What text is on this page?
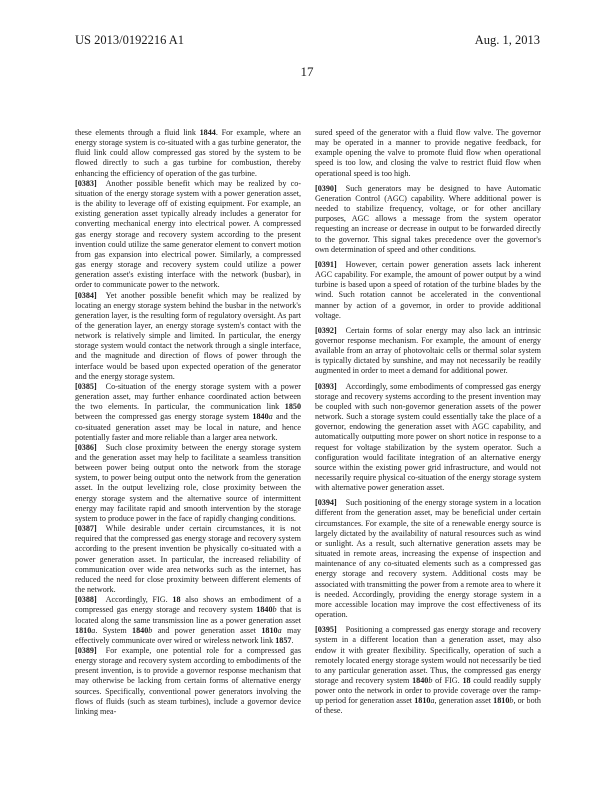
US 2013/0192216 A1	Aug. 1, 2013
17

these elements through a fluid link 1844. For example, where an energy storage system is co-situated with a gas turbine generator, the fluid link could allow compressed gas stored by the system to be flowed directly to such a gas turbine for combustion, thereby enhancing the efficiency of operation of the gas turbine.

[0383] Another possible benefit which may be realized by co-situation of the energy storage system with a power generation asset, is the ability to leverage off of existing equipment. For example, an existing generation asset typically already includes a generator for converting mechanical energy into electrical power. A compressed gas energy storage and recovery system according to the present invention could utilize the same generator element to convert motion from gas expansion into electrical power. Similarly, a compressed gas energy storage and recovery system could utilize a power generation asset's existing interface with the network (busbar), in order to communicate power to the network.

[0384] Yet another possible benefit which may be realized by locating an energy storage system behind the busbar in the network's generation layer, is the resulting form of regulatory oversight. As part of the generation layer, an energy storage system's contact with the network is relatively simple and limited. In particular, the energy storage system would contact the network through a single interface, and the magnitude and direction of flows of power through the interface would be based upon expected operation of the generator and the energy storage system.

[0385] Co-situation of the energy storage system with a power generation asset, may further enhance coordinated action between the two elements. In particular, the communication link 1850 between the compressed gas energy storage system 1840a and the co-situated generation asset may be local in nature, and hence potentially faster and more reliable than a larger area network.

[0386] Such close proximity between the energy storage system and the generation asset may help to facilitate a seamless transition between power being output onto the network from the storage system, to power being output onto the network from the generation asset. In the output levelizing role, close proximity between the energy storage system and the alternative source of intermittent energy may facilitate rapid and smooth intervention by the storage system to produce power in the face of rapidly changing conditions.

[0387] While desirable under certain circumstances, it is not required that the compressed gas energy storage and recovery system according to the present invention be physically co-situated with a power generation asset. In particular, the increased reliability of communication over wide area networks such as the internet, has reduced the need for close proximity between different elements of the network.

[0388] Accordingly, FIG. 18 also shows an embodiment of a compressed gas energy storage and recovery system 1840b that is located along the same transmission line as a power generation asset 1810a. System 1840b and power generation asset 1810a may effectively communicate over wired or wireless network link 1857.

[0389] For example, one potential role for a compressed gas energy storage and recovery system according to embodiments of the present invention, is to provide a governor response mechanism that may otherwise be lacking from certain forms of alternative energy sources. Specifically, conventional power generators involving the flows of fluids (such as steam turbines), include a governor device linking mea-

sured speed of the generator with a fluid flow valve. The governor may be operated in a manner to provide negative feedback, for example opening the valve to promote fluid flow when operational speed is too low, and closing the valve to restrict fluid flow when operational speed is too high.

[0390] Such generators may be designed to have Automatic Generation Control (AGC) capability. Where additional power is needed to stabilize frequency, voltage, or for other ancillary purposes, AGC allows a message from the system operator requesting an increase or decrease in output to be forwarded directly to the governor. This signal takes precedence over the governor's own determination of speed and other conditions.

[0391] However, certain power generation assets lack inherent AGC capability. For example, the amount of power output by a wind turbine is based upon a speed of rotation of the turbine blades by the wind. Such rotation cannot be accelerated in the conventional manner by action of a governor, in order to provide additional voltage.

[0392] Certain forms of solar energy may also lack an intrinsic governor response mechanism. For example, the amount of energy available from an array of photovoltaic cells or thermal solar system is typically dictated by sunshine, and may not necessarily be readily augmented in order to meet a demand for additional power.

[0393] Accordingly, some embodiments of compressed gas energy storage and recovery systems according to the present invention may be coupled with such non-governor generation assets of the power network. Such a storage system could essentially take the place of a governor, endowing the generation asset with AGC capability, and automatically outputting more power on short notice in response to a request for voltage stabilization by the system operator. Such a configuration would facilitate integration of an alternative energy source within the existing power grid infrastructure, and would not necessarily require physical co-situation of the energy storage system with alternative power generation asset.

[0394] Such positioning of the energy storage system in a location different from the generation asset, may be beneficial under certain circumstances. For example, the site of a renewable energy source is largely dictated by the availability of natural resources such as wind or sunlight. As a result, such alternative generation assets may be situated in remote areas, increasing the expense of inspection and maintenance of any co-situated elements such as a compressed gas energy storage and recovery system. Additional costs may be associated with transmitting the power from a remote area to where it is needed. Accordingly, providing the energy storage system in a more accessible location may improve the cost effectiveness of its operation.

[0395] Positioning a compressed gas energy storage and recovery system in a different location than a generation asset, may also endow it with greater flexibility. Specifically, operation of such a remotely located energy storage system would not necessarily be tied to any particular generation asset. Thus, the compressed gas energy storage and recovery system 1840b of FIG. 18 could readily supply power onto the network in order to provide coverage over the ramp-up period for generation asset 1810a, generation asset 1810b, or both of these.
